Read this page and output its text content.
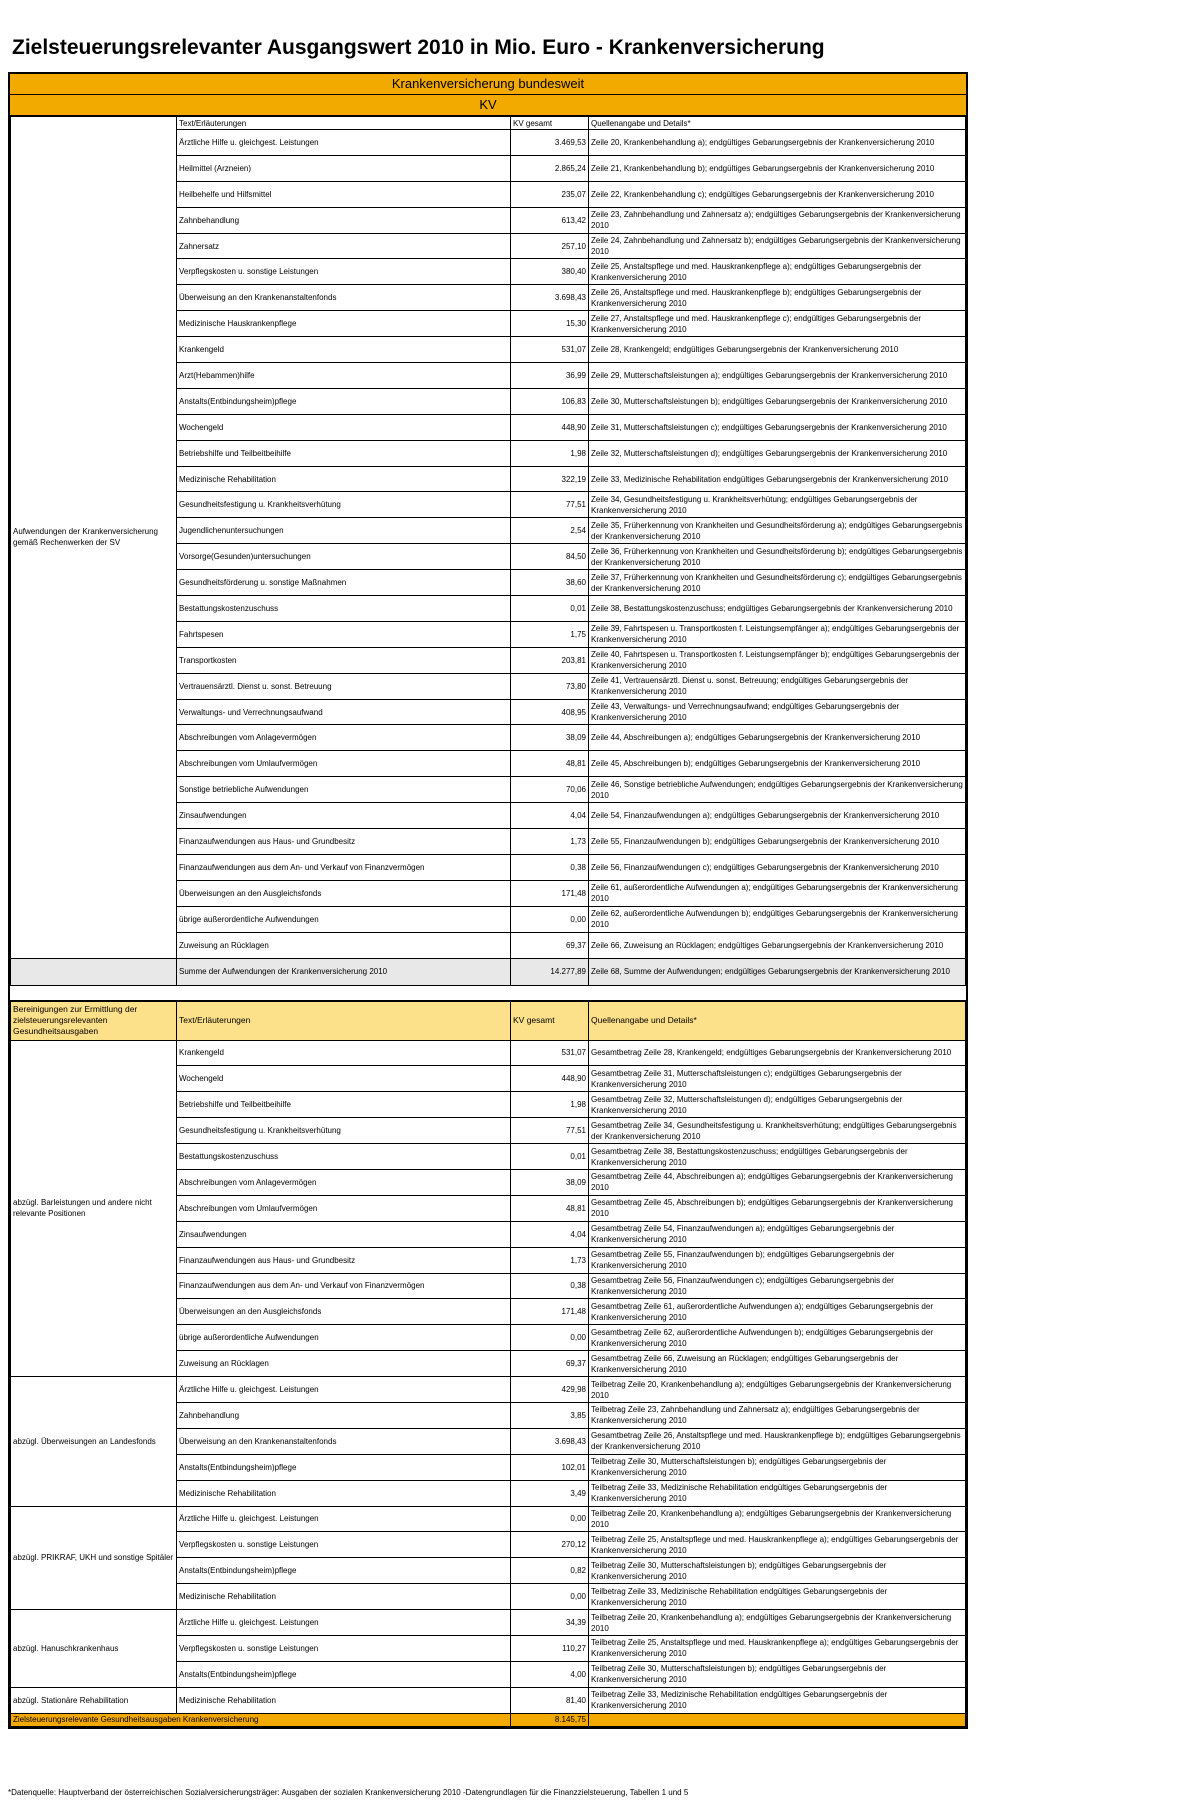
Zielsteuerungsrelevanter Ausgangswert 2010 in Mio. Euro - Krankenversicherung
Krankenversicherung bundesweit
KV
Aufwendungen der Krankenversicherung gemäß Rechenwerken der SV	Text/Erläuterungen	KV gesamt	Quellenangabe und Details*
	Ärztliche Hilfe u. gleichgest. Leistungen	3.469,53	Zeile 20, Krankenbehandlung a); endgültiges Gebarungsergebnis der Krankenversicherung 2010
	Heilmittel (Arzneien)	2.865,24	Zeile 21, Krankenbehandlung b); endgültiges Gebarungsergebnis der Krankenversicherung 2010
	Heilbehelfe und Hilfsmittel	235,07	Zeile 22, Krankenbehandlung c); endgültiges Gebarungsergebnis der Krankenversicherung 2010
	Zahnbehandlung	613,42	Zeile 23, Zahnbehandlung und Zahnersatz a); endgültiges Gebarungsergebnis der Krankenversicherung 2010
	Zahnersatz	257,10	Zeile 24, Zahnbehandlung und Zahnersatz b); endgültiges Gebarungsergebnis der Krankenversicherung 2010
	Verpflegskosten u. sonstige Leistungen	380,40	Zeile 25, Anstaltspflege und med. Hauskrankenpflege a); endgültiges Gebarungsergebnis der Krankenversicherung 2010
	Überweisung an den Krankenanstaltenfonds	3.698,43	Zeile 26, Anstaltspflege und med. Hauskrankenpflege b); endgültiges Gebarungsergebnis der Krankenversicherung 2010
	Medizinische Hauskrankenpflege	15,30	Zeile 27, Anstaltspflege und med. Hauskrankenpflege c); endgültiges Gebarungsergebnis der Krankenversicherung 2010
	Krankengeld	531,07	Zeile 28, Krankengeld; endgültiges Gebarungsergebnis der Krankenversicherung 2010
	Arzt(Hebammen)hilfe	36,99	Zeile 29, Mutterschaftsleistungen a); endgültiges Gebarungsergebnis der Krankenversicherung 2010
	Anstalts(Entbindungsheim)pflege	106,83	Zeile 30, Mutterschaftsleistungen b); endgültiges Gebarungsergebnis der Krankenversicherung 2010
	Wochengeld	448,90	Zeile 31, Mutterschaftsleistungen c); endgültiges Gebarungsergebnis der Krankenversicherung 2010
	Betriebshilfe und Teilbeitbeihilfe	1,98	Zeile 32, Mutterschaftsleistungen d); endgültiges Gebarungsergebnis der Krankenversicherung 2010
	Medizinische Rehabilitation	322,19	Zeile 33, Medizinische Rehabilitation endgültiges Gebarungsergebnis der Krankenversicherung 2010
	Gesundheitsfestigung u. Krankheitsverhütung	77,51	Zeile 34, Gesundheitsfestigung u. Krankheitsverhütung; endgültiges Gebarungsergebnis der Krankenversicherung 2010
	Jugendlichenuntersuchungen	2,54	Zeile 35, Früherkennung von Krankheiten und Gesundheitsförderung a); endgültiges Gebarungsergebnis der Krankenversicherung 2010
	Vorsorge(Gesunden)untersuchungen	84,50	Zeile 36, Früherkennung von Krankheiten und Gesundheitsförderung b); endgültiges Gebarungsergebnis der Krankenversicherung 2010
	Gesundheitsförderung u. sonstige Maßnahmen	38,60	Zeile 37, Früherkennung von Krankheiten und Gesundheitsförderung c); endgültiges Gebarungsergebnis der Krankenversicherung 2010
	Bestattungskostenzuschuss	0,01	Zeile 38, Bestattungskostenzuschuss; endgültiges Gebarungsergebnis der Krankenversicherung 2010
	Fahrtspesen	1,75	Zeile 39, Fahrtspesen u. Transportkosten f. Leistungsempfänger a); endgültiges Gebarungsergebnis der Krankenversicherung 2010
	Transportkosten	203,81	Zeile 40, Fahrtspesen u. Transportkosten f. Leistungsempfänger b); endgültiges Gebarungsergebnis der Krankenversicherung 2010
	Vertrauensärztl. Dienst u. sonst. Betreuung	73,80	Zeile 41, Vertrauensärztl. Dienst u. sonst. Betreuung; endgültiges Gebarungsergebnis der Krankenversicherung 2010
	Verwaltungs- und Verrechnungsaufwand	408,95	Zeile 43, Verwaltungs- und Verrechnungsaufwand; endgültiges Gebarungsergebnis der Krankenversicherung 2010
	Abschreibungen vom Anlagevermögen	38,09	Zeile 44, Abschreibungen a); endgültiges Gebarungsergebnis der Krankenversicherung 2010
	Abschreibungen vom Umlaufvermögen	48,81	Zeile 45, Abschreibungen b); endgültiges Gebarungsergebnis der Krankenversicherung 2010
	Sonstige betriebliche Aufwendungen	70,06	Zeile 46, Sonstige betriebliche Aufwendungen; endgültiges Gebarungsergebnis der Krankenversicherung 2010
	Zinsaufwendungen	4,04	Zeile 54, Finanzaufwendungen a); endgültiges Gebarungsergebnis der Krankenversicherung 2010
	Finanzaufwendungen aus Haus- und Grundbesitz	1,73	Zeile 55, Finanzaufwendungen b); endgültiges Gebarungsergebnis der Krankenversicherung 2010
	Finanzaufwendungen aus dem An- und Verkauf von Finanzvermögen	0,38	Zeile 56, Finanzaufwendungen c); endgültiges Gebarungsergebnis der Krankenversicherung 2010
	Überweisungen an den Ausgleichsfonds	171,48	Zeile 61, außerordentliche Aufwendungen a); endgültiges Gebarungsergebnis der Krankenversicherung 2010
	übrige außerordentliche Aufwendungen	0,00	Zeile 62, außerordentliche Aufwendungen b); endgültiges Gebarungsergebnis der Krankenversicherung 2010
	Zuweisung an Rücklagen	69,37	Zeile 66, Zuweisung an Rücklagen; endgültiges Gebarungsergebnis der Krankenversicherung 2010
	Summe der Aufwendungen der Krankenversicherung 2010	14.277,89	Zeile 68, Summe der Aufwendungen; endgültiges Gebarungsergebnis der Krankenversicherung 2010
Bereinigungen zur Ermittlung der zielsteuerungsrelevanten Gesundheitsausgaben	Text/Erläuterungen	KV gesamt	Quellenangabe und Details*
abzügl. Barleistungen und andere nicht relevante Positionen	Krankengeld	531,07	Gesamtbetrag Zeile 28, Krankengeld; endgültiges Gebarungsergebnis der Krankenversicherung 2010
	Wochengeld	448,90	Gesamtbetrag Zeile 31, Mutterschaftsleistungen c); endgültiges Gebarungsergebnis der Krankenversicherung 2010
	Betriebshilfe und Teilbeitbeihilfe	1,98	Gesamtbetrag Zeile 32, Mutterschaftsleistungen d); endgültiges Gebarungsergebnis der Krankenversicherung 2010
	Gesundheitsfestigung u. Krankheitsverhütung	77,51	Gesamtbetrag Zeile 34, Gesundheitsfestigung u. Krankheitsverhütung; endgültiges Gebarungsergebnis der Krankenversicherung 2010
	Bestattungskostenzuschuss	0,01	Gesamtbetrag Zeile 38, Bestattungskostenzuschuss; endgültiges Gebarungsergebnis der Krankenversicherung 2010
	Abschreibungen vom Anlagevermögen	38,09	Gesamtbetrag Zeile 44, Abschreibungen a); endgültiges Gebarungsergebnis der Krankenversicherung 2010
	Abschreibungen vom Umlaufvermögen	48,81	Gesamtbetrag Zeile 45, Abschreibungen b); endgültiges Gebarungsergebnis der Krankenversicherung 2010
	Zinsaufwendungen	4,04	Gesamtbetrag Zeile 54, Finanzaufwendungen a); endgültiges Gebarungsergebnis der Krankenversicherung 2010
	Finanzaufwendungen aus Haus- und Grundbesitz	1,73	Gesamtbetrag Zeile 55, Finanzaufwendungen b); endgültiges Gebarungsergebnis der Krankenversicherung 2010
	Finanzaufwendungen aus dem An- und Verkauf von Finanzvermögen	0,38	Gesamtbetrag Zeile 56, Finanzaufwendungen c); endgültiges Gebarungsergebnis der Krankenversicherung 2010
	Überweisungen an den Ausgleichsfonds	171,48	Gesamtbetrag Zeile 61, außerordentliche Aufwendungen a); endgültiges Gebarungsergebnis der Krankenversicherung 2010
	übrige außerordentliche Aufwendungen	0,00	Gesamtbetrag Zeile 62, außerordentliche Aufwendungen b); endgültiges Gebarungsergebnis der Krankenversicherung 2010
	Zuweisung an Rücklagen	69,37	Gesamtbetrag Zeile 66, Zuweisung an Rücklagen; endgültiges Gebarungsergebnis der Krankenversicherung 2010
abzügl. Überweisungen an Landesfonds	Ärztliche Hilfe u. gleichgest. Leistungen	429,98	Teilbetrag Zeile 20, Krankenbehandlung a); endgültiges Gebarungsergebnis der Krankenversicherung 2010
	Zahnbehandlung	3,85	Teilbetrag Zeile 23, Zahnbehandlung und Zahnersatz a); endgültiges Gebarungsergebnis der Krankenversicherung 2010
	Überweisung an den Krankenanstaltenfonds	3.698,43	Gesamtbetrag Zeile 26, Anstaltspflege und med. Hauskrankenpflege b); endgültiges Gebarungsergebnis der Krankenversicherung 2010
	Anstalts(Entbindungsheim)pflege	102,01	Teilbetrag Zeile 30, Mutterschaftsleistungen b); endgültiges Gebarungsergebnis der Krankenversicherung 2010
	Medizinische Rehabilitation	3,49	Teilbetrag Zeile 33, Medizinische Rehabilitation endgültiges Gebarungsergebnis der Krankenversicherung 2010
abzügl. PRIKRAF, UKH und sonstige Spitäler	Ärztliche Hilfe u. gleichgest. Leistungen	0,00	Teilbetrag Zeile 20, Krankenbehandlung a); endgültiges Gebarungsergebnis der Krankenversicherung 2010
	Verpflegskosten u. sonstige Leistungen	270,12	Teilbetrag Zeile 25, Anstaltspflege und med. Hauskrankenpflege a); endgültiges Gebarungsergebnis der Krankenversicherung 2010
	Anstalts(Entbindungsheim)pflege	0,82	Teilbetrag Zeile 30, Mutterschaftsleistungen b); endgültiges Gebarungsergebnis der Krankenversicherung 2010
	Medizinische Rehabilitation	0,00	Teilbetrag Zeile 33, Medizinische Rehabilitation endgültiges Gebarungsergebnis der Krankenversicherung 2010
abzügl. Hanuschkrankenhaus	Ärztliche Hilfe u. gleichgest. Leistungen	34,39	Teilbetrag Zeile 20, Krankenbehandlung a); endgültiges Gebarungsergebnis der Krankenversicherung 2010
	Verpflegskosten u. sonstige Leistungen	110,27	Teilbetrag Zeile 25, Anstaltspflege und med. Hauskrankenpflege a); endgültiges Gebarungsergebnis der Krankenversicherung 2010
	Anstalts(Entbindungsheim)pflege	4,00	Teilbetrag Zeile 30, Mutterschaftsleistungen b); endgültiges Gebarungsergebnis der Krankenversicherung 2010
abzügl. Stationäre Rehabilitation	Medizinische Rehabilitation	81,40	Teilbetrag Zeile 33, Medizinische Rehabilitation endgültiges Gebarungsergebnis der Krankenversicherung 2010
Zielsteuerungsrelevante Gesundheitsausgaben Krankenversicherung		8.145,75	
*Datenquelle: Hauptverband der österreichischen Sozialversicherungsträger: Ausgaben der sozialen Krankenversicherung 2010 -Datengrundlagen für die Finanzzielsteuerung, Tabellen 1 und 5
